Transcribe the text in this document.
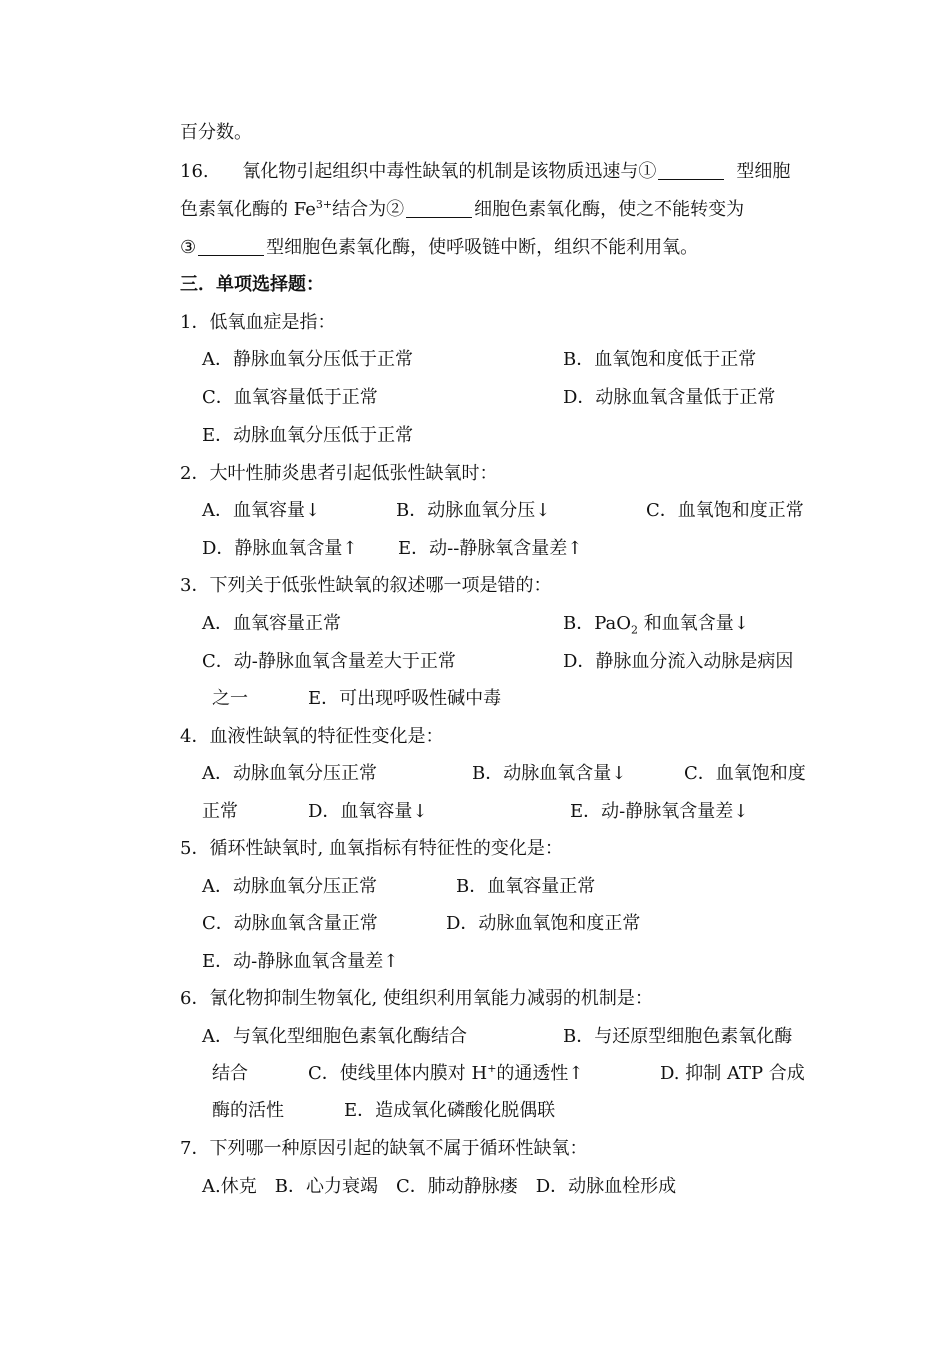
百分数。
16. 氰化物引起组织中毒性缺氧的机制是该物质迅速与①	型细胞
色素氧化酶的 $Fe^{3+}$结合为②	细胞色素氧化酶，使之不能转变为
③	型细胞色素氧化酶，使呼吸链中断，组织不能利用氧。
三．单项选择题：
1．低氧血症是指：
A．静脉血氧分压低于正常	B．血氧饱和度低于正常
C．血氧容量低于正常	D．动脉血氧含量低于正常
E．动脉血氧分压低于正常
2．大叶性肺炎患者引起低张性缺氧时：
A．血氧容量↓	B．动脉血氧分压↓	C．血氧饱和度正常
D．静脉血氧含量↑ E．动--静脉氧含量差↑
3．下列关于低张性缺氧的叙述哪一项是错的：
A．血氧容量正常	B．PaO$_2$ 和血氧含量↓
C．动-静脉血氧含量差大于正常	D．静脉血分流入动脉是病因
之一	E．可出现呼吸性碱中毒
4．血液性缺氧的特征性变化是：
A．动脉血氧分压正常	B．动脉血氧含量↓	C．血氧饱和度
正常	D．血氧容量↓	E．动-静脉氧含量差↓
5．循环性缺氧时, 血氧指标有特征性的变化是：
A．动脉血氧分压正常	B．血氧容量正常
C．动脉血氧含量正常	D．动脉血氧饱和度正常
E．动-静脉血氧含量差↑
6．氰化物抑制生物氧化, 使组织利用氧能力减弱的机制是：
A．与氧化型细胞色素氧化酶结合	B．与还原型细胞色素氧化酶
结合	C．使线里体内膜对 H+的通透性↑	D. 抑制 ATP 合成
酶的活性	E．造成氧化磷酸化脱偶联
7．下列哪一种原因引起的缺氧不属于循环性缺氧：
A.休克　B．心力衰竭　C．肺动静脉瘘　D．动脉血栓形成
